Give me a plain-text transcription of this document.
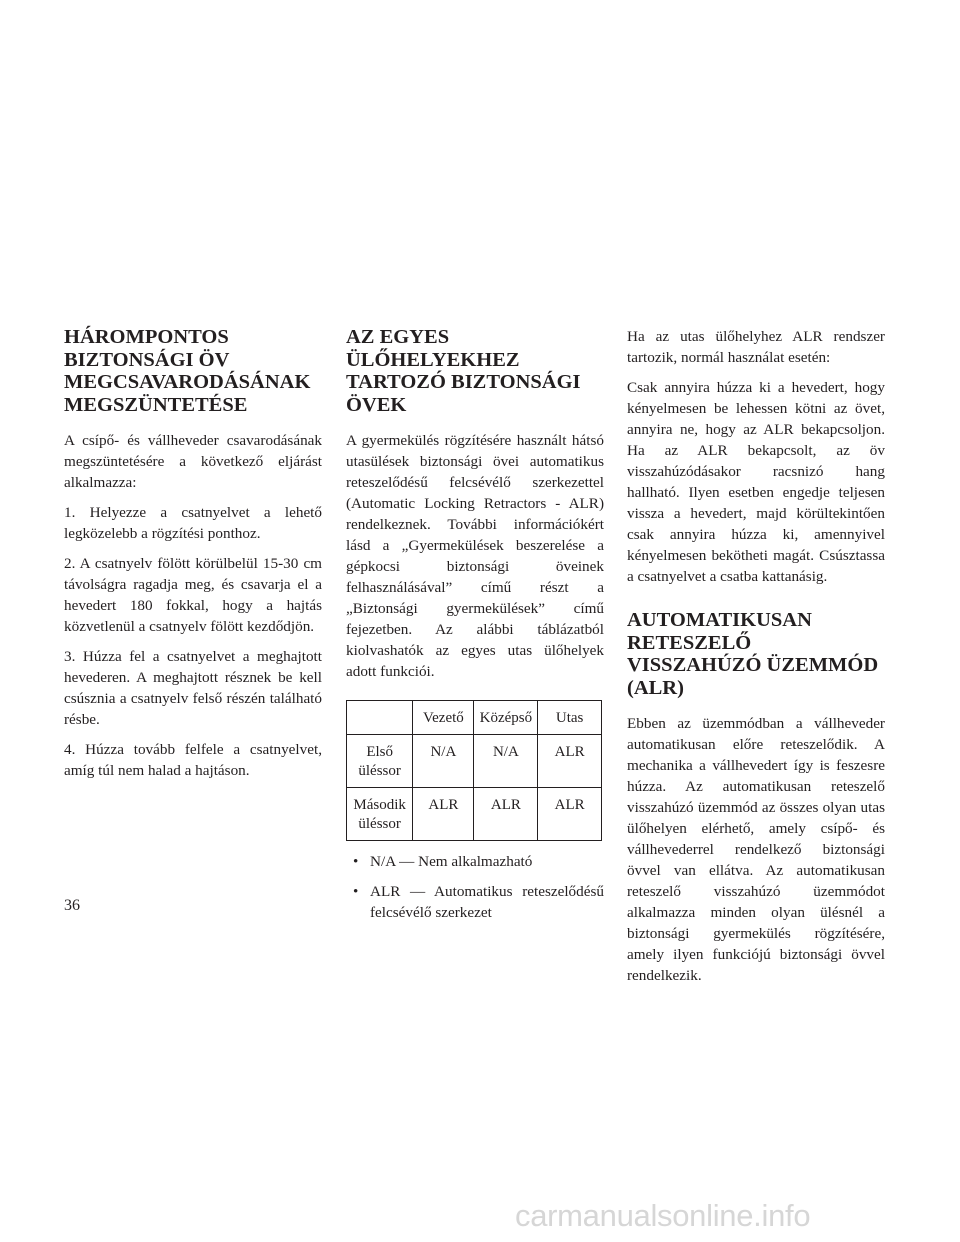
HÁROMPONTOS BIZTONSÁGI ÖV MEGCSAVARODÁSÁNAK MEGSZÜNTETÉSE

A csípő- és vállheveder csavarodásának megszüntetésére a következő eljárást alkalmazza:

1. Helyezze a csatnyelvet a lehető legközelebb a rögzítési ponthoz.

2. A csatnyelv fölött körülbelül 15-30 cm távolságra ragadja meg, és csavarja el a hevedert 180 fokkal, hogy a hajtás közvetlenül a csatnyelv fölött kezdődjön.

3. Húzza fel a csatnyelvet a meghajtott hevederen. A meghajtott résznek be kell csúsznia a csatnyelv felső részén található résbe.

4. Húzza tovább felfele a csatnyelvet, amíg túl nem halad a hajtáson.

AZ EGYES ÜLŐHELYEKHEZ TARTOZÓ BIZTONSÁGI ÖVEK

A gyermekülés rögzítésére használt hátsó utasülések biztonsági övei automatikus reteszelődésű felcsévélő szerkezettel (Automatic Locking Retractors - ALR) rendelkeznek. További információkért lásd a „Gyermekülések beszerelése a gépkocsi biztonsági öveinek felhasználásával” című részt a „Biztonsági gyermekülések” című fejezetben. Az alábbi táblázatból kiolvashatók az egyes utas ülőhelyek adott funkciói.

	Vezető	Középső	Utas
Első üléssor	N/A	N/A	ALR
Második üléssor	ALR	ALR	ALR
• N/A — Nem alkalmazható
• ALR — Automatikus reteszelődésű felcsévélő szerkezet

Ha az utas ülőhelyhez ALR rendszer tartozik, normál használat esetén:

Csak annyira húzza ki a hevedert, hogy kényelmesen be lehessen kötni az övet, annyira ne, hogy az ALR bekapcsoljon. Ha az ALR bekapcsolt, az öv visszahúzódásakor racsnizó hang hallható. Ilyen esetben engedje teljesen vissza a hevedert, majd körültekintően csak annyira húzza ki, amennyivel kényelmesen bekötheti magát. Csúsztassa a csatnyelvet a csatba kattanásig.

AUTOMATIKUSAN RETESZELŐ VISSZAHÚZÓ ÜZEMMÓD (ALR)

Ebben az üzemmódban a vállheveder automatikusan előre reteszelődik. A mechanika a vállhevedert így is feszesre húzza. Az automatikusan reteszelő visszahúzó üzemmód az összes olyan utas ülőhelyen elérhető, amely csípő- és vállhevederrel rendelkező biztonsági övvel van ellátva. Az automatikusan reteszelő visszahúzó üzemmódot alkalmazza minden olyan ülésnél a biztonsági gyermekülés rögzítésére, amely ilyen funkciójú biztonsági övvel rendelkezik.

36
carmanualsonline.info
